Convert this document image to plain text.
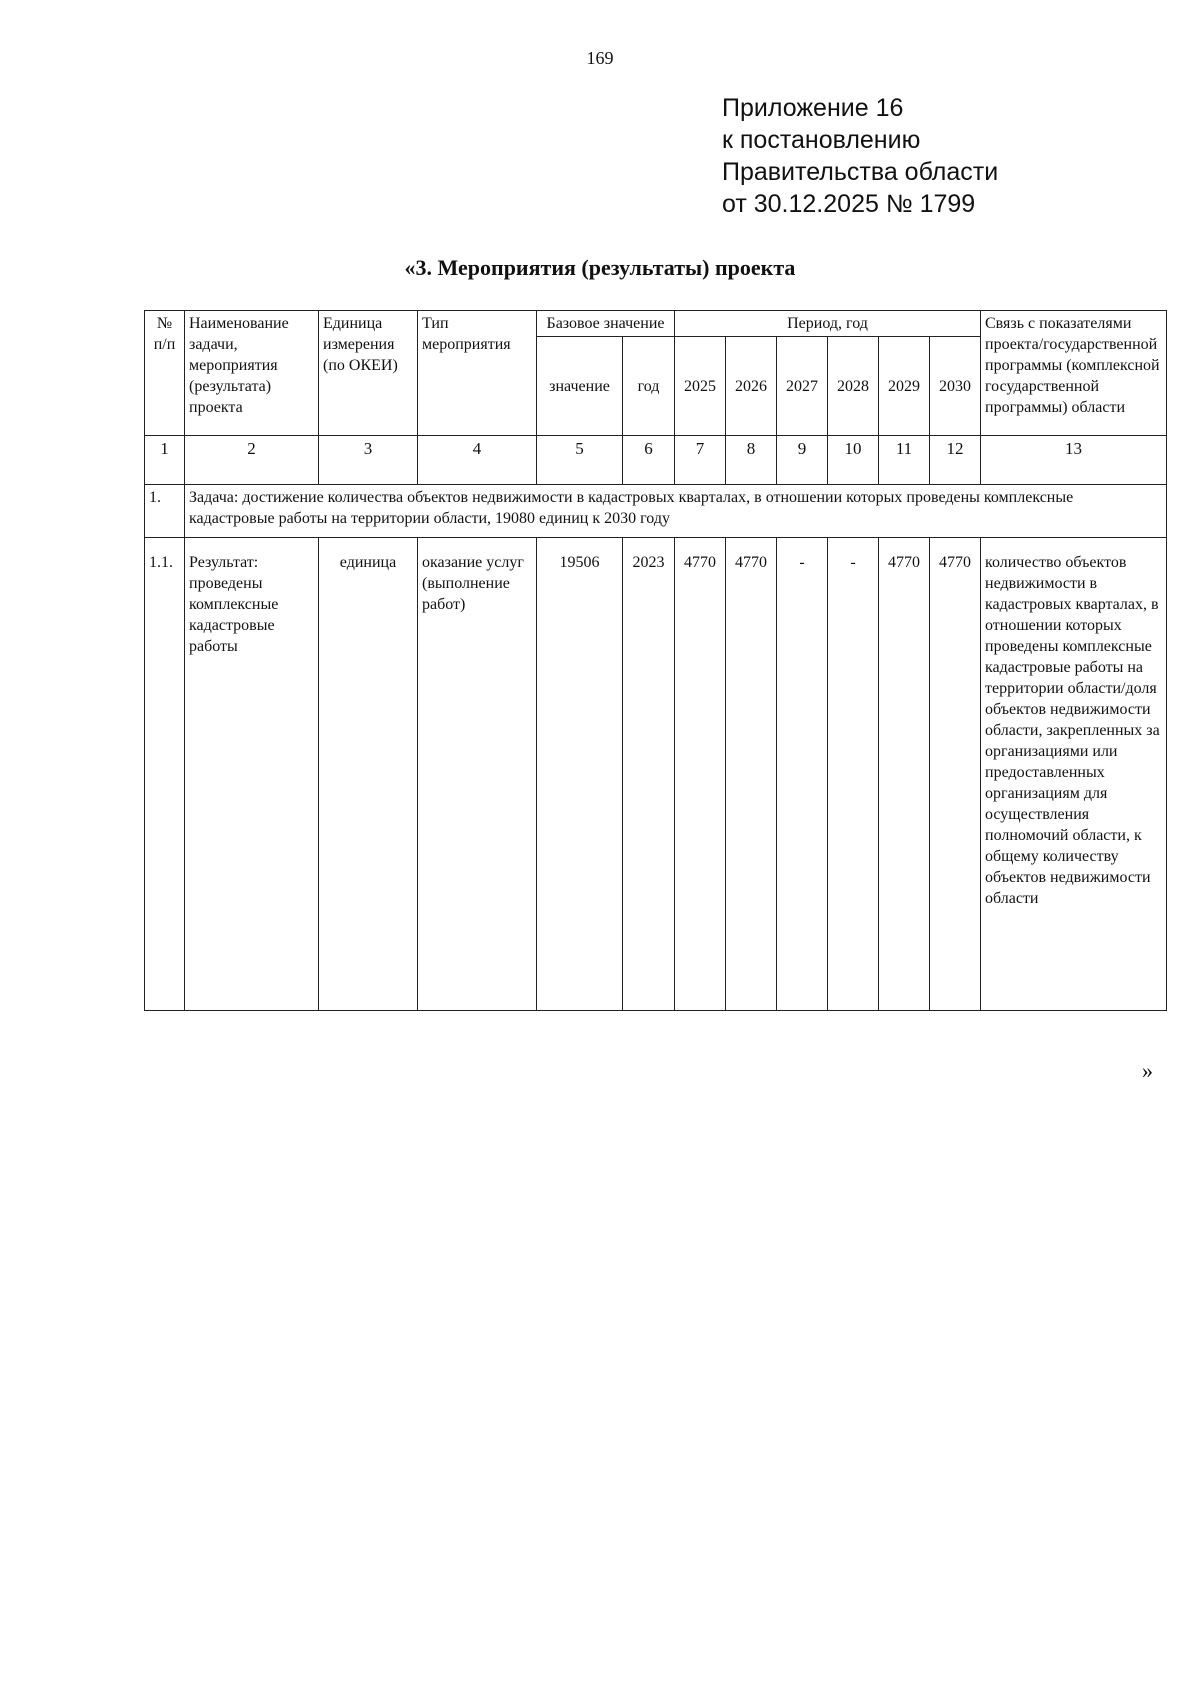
169
Приложение 16
к постановлению
Правительства области
от 30.12.2025 № 1799
«3. Мероприятия (результаты) проекта
№ п/п	Наименование задачи, мероприятия (результата) проекта	Единица измерения (по ОКЕИ)	Тип мероприятия	Базовое значение		Период, год						Связь с показателями проекта/государственной программы (комплексной государственной программы) области
				значение	год	2025	2026	2027	2028	2029	2030	
1	2	3	4	5	6	7	8	9	10	11	12	13
1.	Задача: достижение количества объектов недвижимости в кадастровых кварталах, в отношении которых проведены комплексные кадастровые работы на территории области, 19080 единиц к 2030 году											
1.1.	Результат: проведены комплексные кадастровые работы	единица	оказание услуг (выполнение работ)	19506	2023	4770	4770	-	-	4770	4770	количество объектов недвижимости в кадастровых кварталах, в отношении которых проведены комплексные кадастровые работы на территории области/доля объектов недвижимости области, закрепленных за организациями или предоставленных организациям для осуществления полномочий области, к общему количеству объектов недвижимости области
»
